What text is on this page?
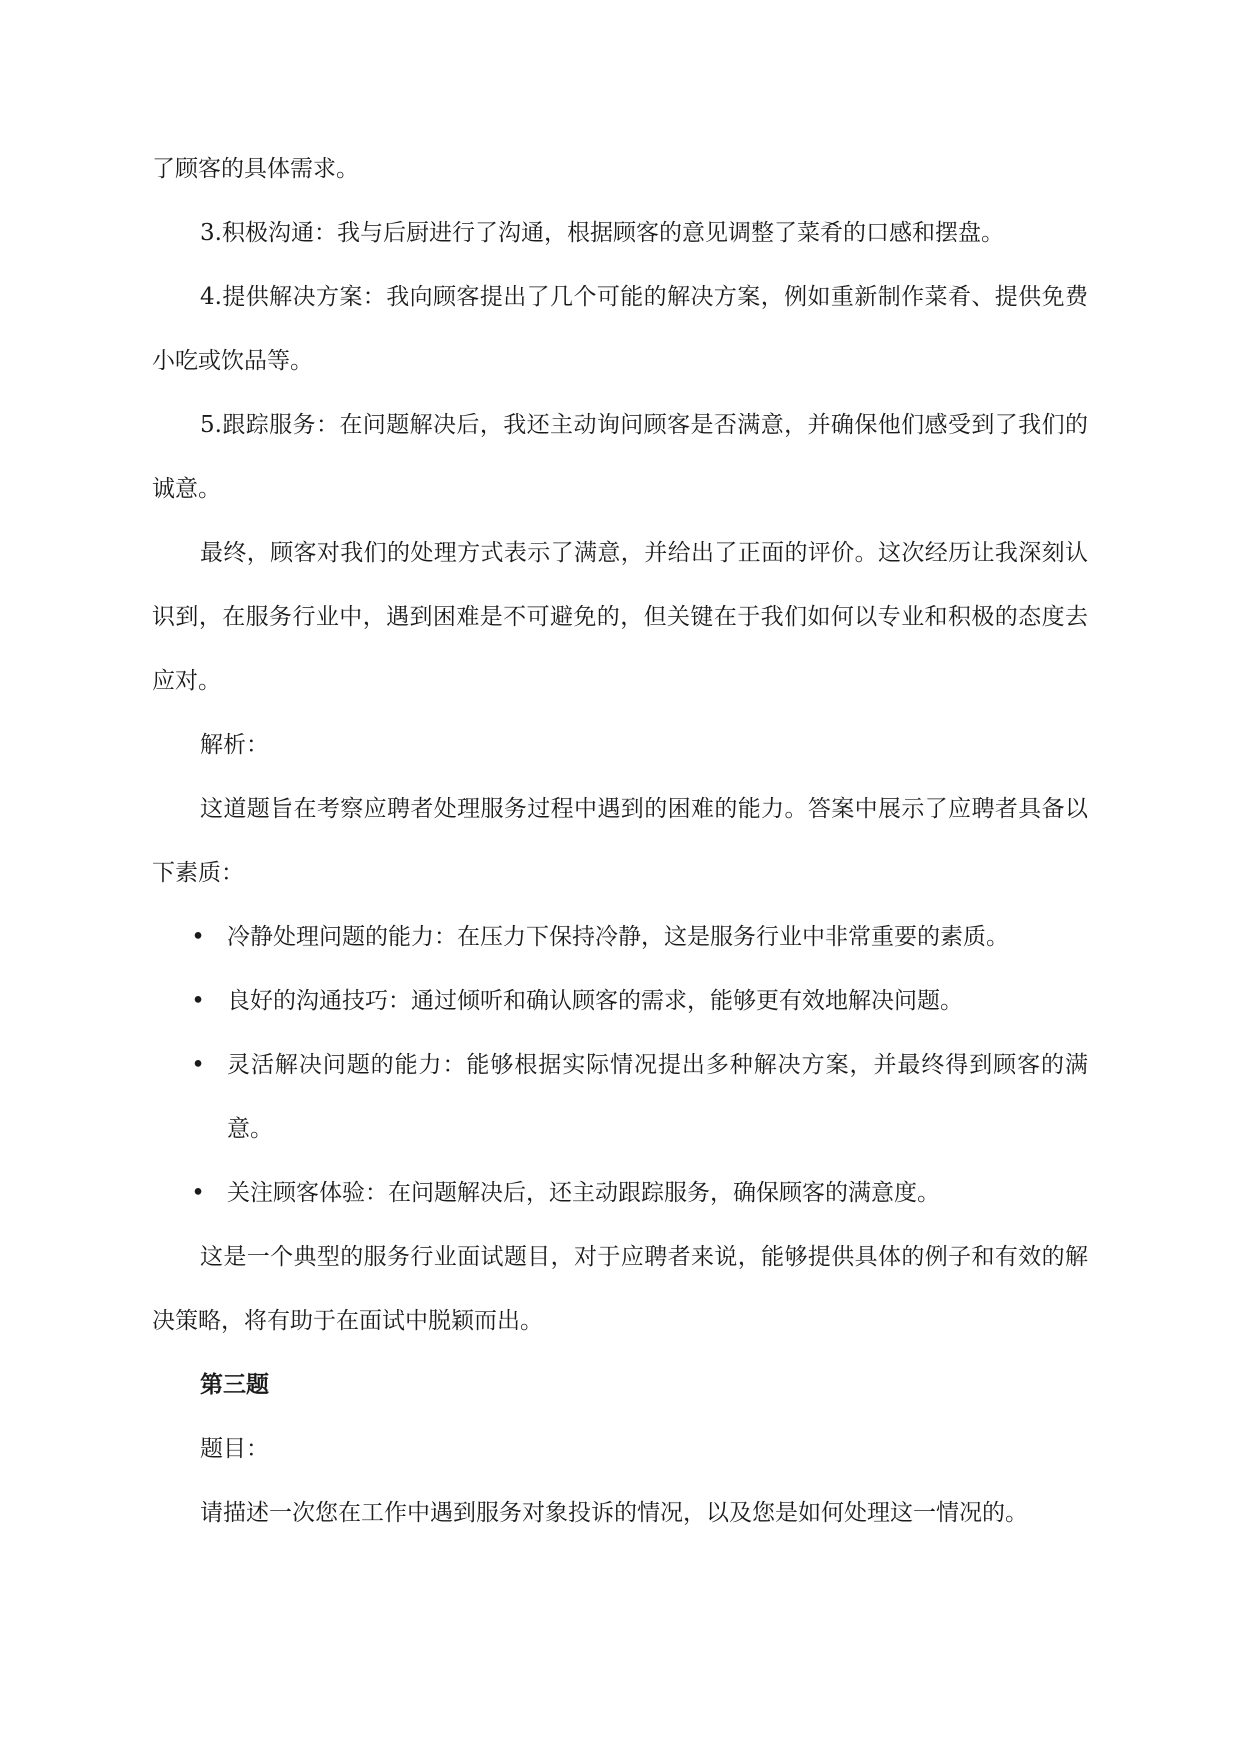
了顾客的具体需求。

3.积极沟通：我与后厨进行了沟通，根据顾客的意见调整了菜肴的口感和摆盘。

4.提供解决方案：我向顾客提出了几个可能的解决方案，例如重新制作菜肴、提供免费小吃或饮品等。

5.跟踪服务：在问题解决后，我还主动询问顾客是否满意，并确保他们感受到了我们的诚意。

最终，顾客对我们的处理方式表示了满意，并给出了正面的评价。这次经历让我深刻认识到，在服务行业中，遇到困难是不可避免的，但关键在于我们如何以专业和积极的态度去应对。

解析：

这道题旨在考察应聘者处理服务过程中遇到的困难的能力。答案中展示了应聘者具备以下素质：

• 冷静处理问题的能力：在压力下保持冷静，这是服务行业中非常重要的素质。
• 良好的沟通技巧：通过倾听和确认顾客的需求，能够更有效地解决问题。
• 灵活解决问题的能力：能够根据实际情况提出多种解决方案，并最终得到顾客的满意。
• 关注顾客体验：在问题解决后，还主动跟踪服务，确保顾客的满意度。

这是一个典型的服务行业面试题目，对于应聘者来说，能够提供具体的例子和有效的解决策略，将有助于在面试中脱颖而出。

第三题

题目：

请描述一次您在工作中遇到服务对象投诉的情况，以及您是如何处理这一情况的。
